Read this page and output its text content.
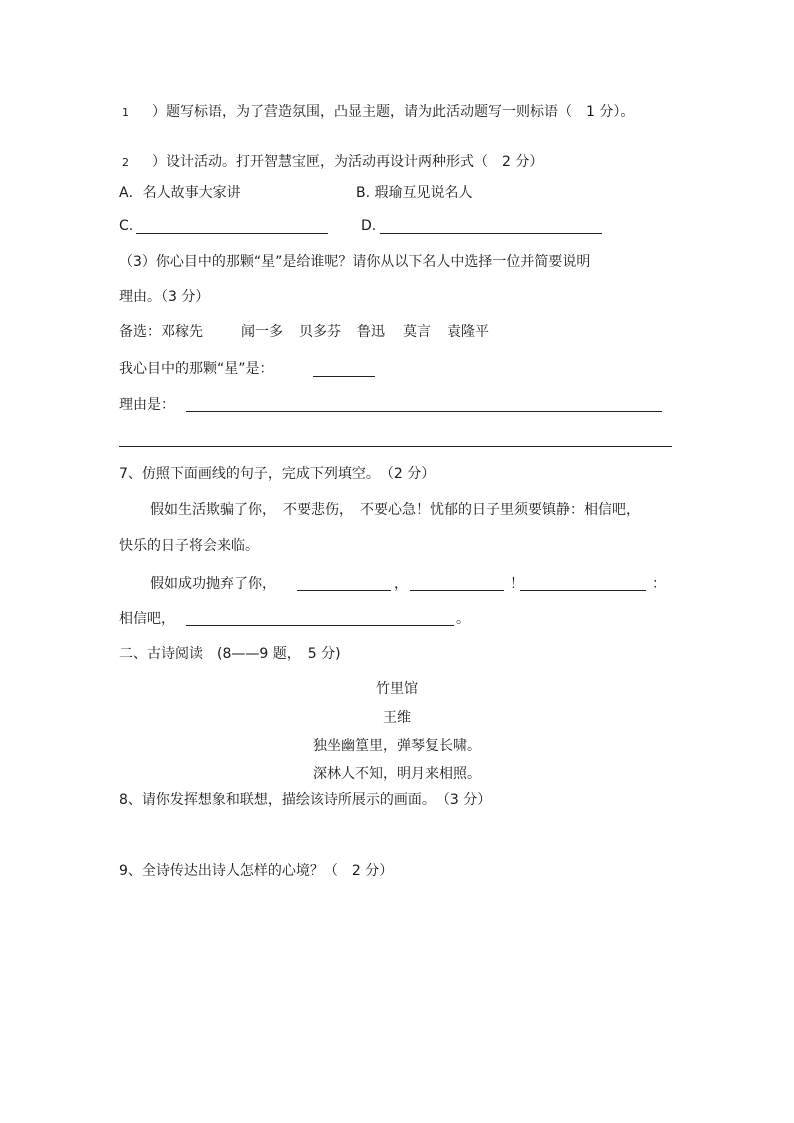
1 ）题写标语，为了营造氛围，凸显主题，请为此活动题写一则标语（　1 分）。
2 ）设计活动。打开智慧宝匣，为活动再设计两种形式（　2 分）
A．名人故事大家讲	B. 瑕瑜互见说名人
C.	D.
（3）你心目中的那颗“星”是给谁呢？请你从以下名人中选择一位并简要说明
理由。（3 分）
备选：邓稼先	闻一多 贝多芬 鲁迅 莫言 袁隆平
我心目中的那颗“星”是：
理由是：
7、仿照下面画线的句子，完成下列填空。　（2 分）
假如生活欺骗了你，　不要悲伤，　不要心急！忧郁的日子里须要镇静：相信吧，
快乐的日子将会来临。
假如成功抛弃了你，	，	！	：
相信吧，	。
二、古诗阅读　(8——9 题，　5 分)
竹里馆
王维
独坐幽篁里，弹琴复长啸。
深林人不知，明月来相照。
8、请你发挥想象和联想，描绘该诗所展示的画面。　（3 分）
9、全诗传达出诗人怎样的心境？（　2 分）
